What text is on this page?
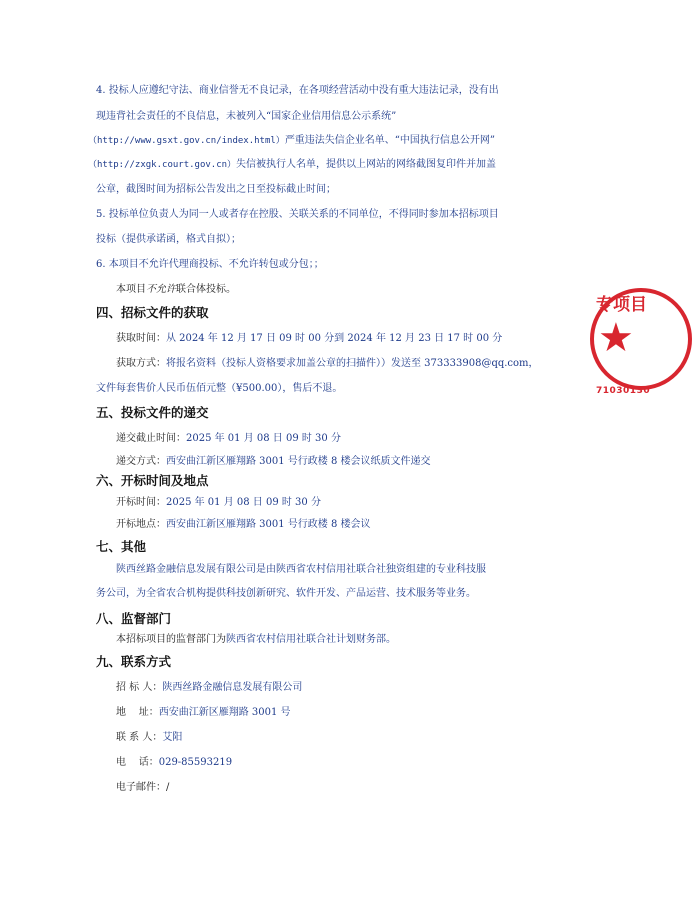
4. 投标人应遵纪守法、商业信誉无不良记录，在各项经营活动中没有重大违法记录，没有出
现违背社会责任的不良信息，未被列入“国家企业信用信息公示系统”
（http://www.gsxt.gov.cn/index.html）严重违法失信企业名单、“中国执行信息公开网”
（http://zxgk.court.gov.cn）失信被执行人名单，提供以上网站的网络截图复印件并加盖
公章，截图时间为招标公告发出之日至投标截止时间；
5. 投标单位负责人为同一人或者存在控股、关联关系的不同单位，不得同时参加本招标项目
投标（提供承诺函，格式自拟）；
6. 本项目不允许代理商投标、不允许转包或分包；；
本项目不允许联合体投标。
四、招标文件的获取
获取时间：从 2024 年 12 月 17 日 09 时 00 分到 2024 年 12 月 23 日 17 时 00 分
获取方式：将报名资料（投标人资格要求加盖公章的扫描件））发送至 373333908@qq.com，
文件每套售价人民币伍佰元整（¥500.00），售后不退。
五、投标文件的递交
递交截止时间：2025 年 01 月 08 日 09 时 30 分
递交方式：西安曲江新区雁翔路 3001 号行政楼 8 楼会议纸质文件递交
六、开标时间及地点
开标时间：2025 年 01 月 08 日 09 时 30 分
开标地点：西安曲江新区雁翔路 3001 号行政楼 8 楼会议
七、其他
陕西丝路金融信息发展有限公司是由陕西省农村信用社联合社独资组建的专业科技服
务公司，为全省农合机构提供科技创新研究、软件开发、产品运营、技术服务等业务。
八、监督部门
本招标项目的监督部门为陕西省农村信用社联合社计划财务部。
九、联系方式
招 标 人：陕西丝路金融信息发展有限公司
地    址：西安曲江新区雁翔路 3001 号
联 系 人：艾阳
电    话：029-85593219
电子邮件：/
专项目
★
71030130
